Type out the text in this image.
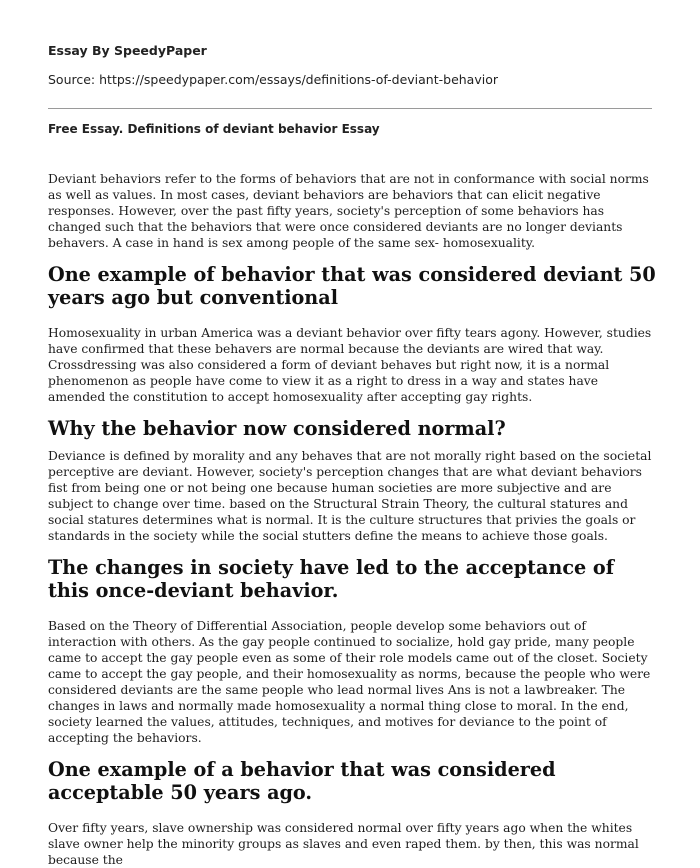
Essay By SpeedyPaper
Source: https://speedypaper.com/essays/definitions-of-deviant-behavior
Free Essay. Definitions of deviant behavior Essay

Deviant behaviors refer to the forms of behaviors that are not in conformance with social norms as well as values. In most cases, deviant behaviors are behaviors that can elicit negative responses. However, over the past fifty years, society's perception of some behaviors has changed such that the behaviors that were once considered deviants are no longer deviants behavers. A case in hand is sex among people of the same sex- homosexuality.

One example of behavior that was considered deviant 50 years ago but conventional

Homosexuality in urban America was a deviant behavior over fifty tears agony. However, studies have confirmed that these behavers are normal because the deviants are wired that way. Crossdressing was also considered a form of deviant behaves but right now, it is a normal phenomenon as people have come to view it as a right to dress in a way and states have amended the constitution to accept homosexuality after accepting gay rights.

Why the behavior now considered normal?

Deviance is defined by morality and any behaves that are not morally right based on the societal perceptive are deviant. However, society's perception changes that are what deviant behaviors fist from being one or not being one because human societies are more subjective and are subject to change over time. based on the Structural Strain Theory, the cultural statures and social statures determines what is normal. It is the culture structures that privies the goals or standards in the society while the social stutters define the means to achieve those goals.

The changes in society have led to the acceptance of this once-deviant behavior.

Based on the Theory of Differential Association, people develop some behaviors out of interaction with others. As the gay people continued to socialize, hold gay pride, many people came to accept the gay people even as some of their role models came out of the closet. Society came to accept the gay people, and their homosexuality as norms, because the people who were considered deviants are the same people who lead normal lives Ans is not a lawbreaker. The changes in laws and normally made homosexuality a normal thing close to moral. In the end, society learned the values, attitudes, techniques, and motives for deviance to the point of accepting the behaviors.

One example of a behavior that was considered acceptable 50 years ago.

Over fifty years, slave ownership was considered normal over fifty years ago when the whites slave owner help the minority groups as slaves and even raped them. by then, this was normal because the
